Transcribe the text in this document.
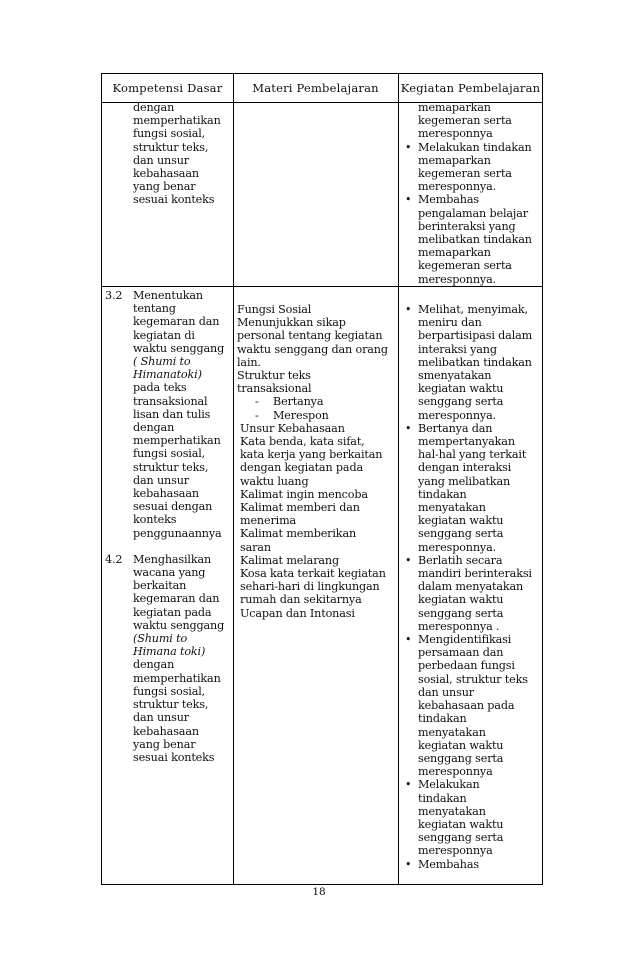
Kompetensi Dasar	Materi Pembelajaran	Kegiatan Pembelajaran
dengan
memperhatikan
fungsi sosial,
struktur teks,
dan unsur
kebahasaan
yang benar
sesuai konteks
memaparkan
kegemeran serta
meresponnya
• Melakukan tindakan
memaparkan
kegemeran serta
meresponnya.
• Membahas
pengalaman belajar
berinteraksi yang
melibatkan tindakan
memaparkan
kegemeran serta
meresponnya.
3.2 Menentukan
tentang
kegemaran dan
kegiatan di
waktu senggang
( Shumi to
Himanatoki)
pada teks
transaksional
lisan dan tulis
dengan
memperhatikan
fungsi sosial,
struktur teks,
dan unsur
kebahasaan
sesuai dengan
konteks
penggunaannya
4.2 Menghasilkan
wacana yang
berkaitan
kegemaran dan
kegiatan pada
waktu senggang
(Shumi to
Himana toki)
dengan
memperhatikan
fungsi sosial,
struktur teks,
dan unsur
kebahasaan
yang benar
sesuai konteks
Fungsi Sosial
Menunjukkan sikap
personal tentang kegiatan
waktu senggang dan orang
lain.
Struktur teks
transaksional
- Bertanya
- Merespon
Unsur Kebahasaan
Kata benda, kata sifat,
kata kerja yang berkaitan
dengan kegiatan pada
waktu luang
Kalimat ingin mencoba
Kalimat memberi dan
menerima
Kalimat memberikan
saran
Kalimat melarang
Kosa kata terkait kegiatan
sehari-hari di lingkungan
rumah dan sekitarnya
Ucapan dan Intonasi
• Melihat, menyimak,
meniru dan
berpartisipasi dalam
interaksi yang
melibatkan tindakan
smenyatakan
kegiatan waktu
senggang serta
meresponnya.
• Bertanya dan
mempertanyakan
hal-hal yang terkait
dengan interaksi
yang melibatkan
tindakan
menyatakan
kegiatan waktu
senggang serta
meresponnya.
• Berlatih secara
mandiri berinteraksi
dalam menyatakan
kegiatan waktu
senggang serta
meresponnya .
• Mengidentifikasi
persamaan dan
perbedaan fungsi
sosial, struktur teks
dan unsur
kebahasaan pada
tindakan
menyatakan
kegiatan waktu
senggang serta
meresponnya
• Melakukan
tindakan
menyatakan
kegiatan waktu
senggang serta
meresponnya
• Membahas
18
